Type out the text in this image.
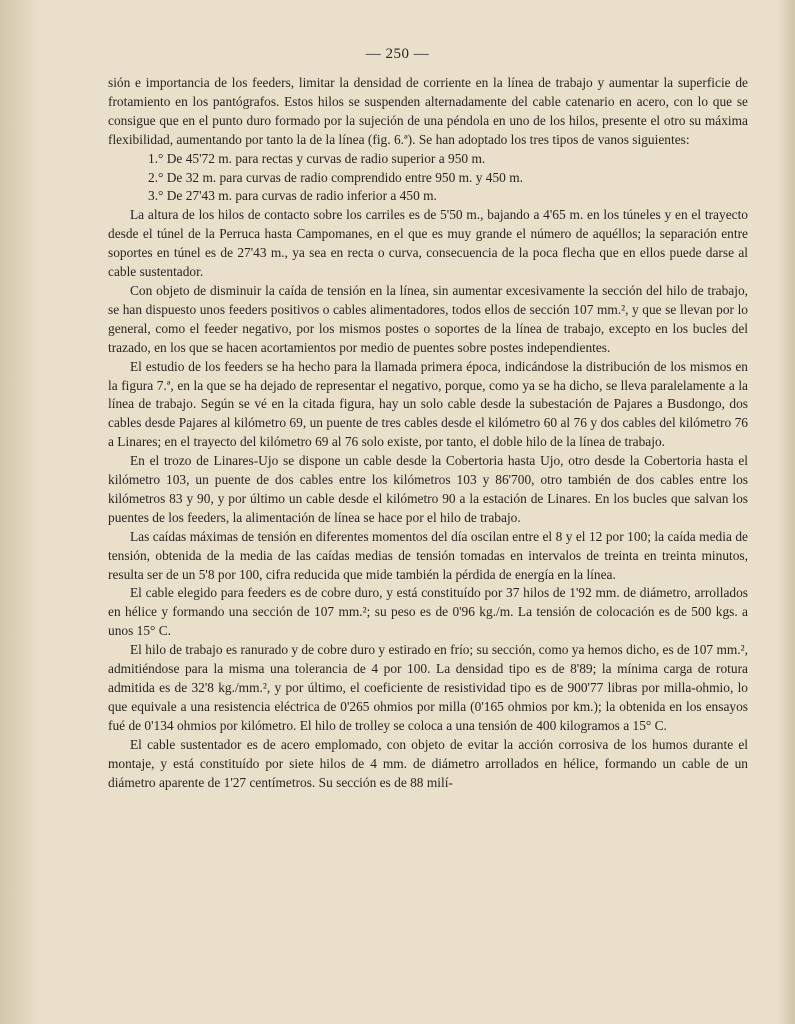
— 250 —

sión e importancia de los feeders, limitar la densidad de corriente en la línea de trabajo y aumentar la superficie de frotamiento en los pantógrafos. Estos hilos se suspenden alternadamente del cable catenario en acero, con lo que se consigue que en el punto duro formado por la sujeción de una péndola en uno de los hilos, presente el otro su máxima flexibilidad, aumentando por tanto la de la línea (fig. 6.ª). Se han adoptado los tres tipos de vanos siguientes:

1.° De 45'72 m. para rectas y curvas de radio superior a 950 m.

2.° De 32 m. para curvas de radio comprendido entre 950 m. y 450 m.

3.° De 27'43 m. para curvas de radio inferior a 450 m.

La altura de los hilos de contacto sobre los carriles es de 5'50 m., bajando a 4'65 m. en los túneles y en el trayecto desde el túnel de la Perruca hasta Campomanes, en el que es muy grande el número de aquéllos; la separación entre soportes en túnel es de 27'43 m., ya sea en recta o curva, consecuencia de la poca flecha que en ellos puede darse al cable sustentador.

Con objeto de disminuir la caída de tensión en la línea, sin aumentar excesivamente la sección del hilo de trabajo, se han dispuesto unos feeders positivos o cables alimentadores, todos ellos de sección 107 mm.², y que se llevan por lo general, como el feeder negativo, por los mismos postes o soportes de la línea de trabajo, excepto en los bucles del trazado, en los que se hacen acortamientos por medio de puentes sobre postes independientes.

El estudio de los feeders se ha hecho para la llamada primera época, indicándose la distribución de los mismos en la figura 7.ª, en la que se ha dejado de representar el negativo, porque, como ya se ha dicho, se lleva paralelamente a la línea de trabajo. Según se vé en la citada figura, hay un solo cable desde la subestación de Pajares a Busdongo, dos cables desde Pajares al kilómetro 69, un puente de tres cables desde el kilómetro 60 al 76 y dos cables del kilómetro 76 a Linares; en el trayecto del kilómetro 69 al 76 solo existe, por tanto, el doble hilo de la línea de trabajo.

En el trozo de Linares-Ujo se dispone un cable desde la Cobertoria hasta Ujo, otro desde la Cobertoria hasta el kilómetro 103, un puente de dos cables entre los kilómetros 103 y 86'700, otro también de dos cables entre los kilómetros 83 y 90, y por último un cable desde el kilómetro 90 a la estación de Linares. En los bucles que salvan los puentes de los feeders, la alimentación de línea se hace por el hilo de trabajo.

Las caídas máximas de tensión en diferentes momentos del día oscilan entre el 8 y el 12 por 100; la caída media de tensión, obtenida de la media de las caídas medias de tensión tomadas en intervalos de treinta en treinta minutos, resulta ser de un 5'8 por 100, cifra reducida que mide también la pérdida de energía en la línea.

El cable elegido para feeders es de cobre duro, y está constituído por 37 hilos de 1'92 mm. de diámetro, arrollados en hélice y formando una sección de 107 mm.²; su peso es de 0'96 kg./m. La tensión de colocación es de 500 kgs. a unos 15° C.

El hilo de trabajo es ranurado y de cobre duro y estirado en frío; su sección, como ya hemos dicho, es de 107 mm.², admitiéndose para la misma una tolerancia de 4 por 100. La densidad tipo es de 8'89; la mínima carga de rotura admitida es de 32'8 kg./mm.², y por último, el coeficiente de resistividad tipo es de 900'77 libras por milla-ohmio, lo que equivale a una resistencia eléctrica de 0'265 ohmios por milla (0'165 ohmios por km.); la obtenida en los ensayos fué de 0'134 ohmios por kilómetro. El hilo de trolley se coloca a una tensión de 400 kilogramos a 15° C.

El cable sustentador es de acero emplomado, con objeto de evitar la acción corrosiva de los humos durante el montaje, y está constituído por siete hilos de 4 mm. de diámetro arrollados en hélice, formando un cable de un diámetro aparente de 1'27 centímetros. Su sección es de 88 milí-
